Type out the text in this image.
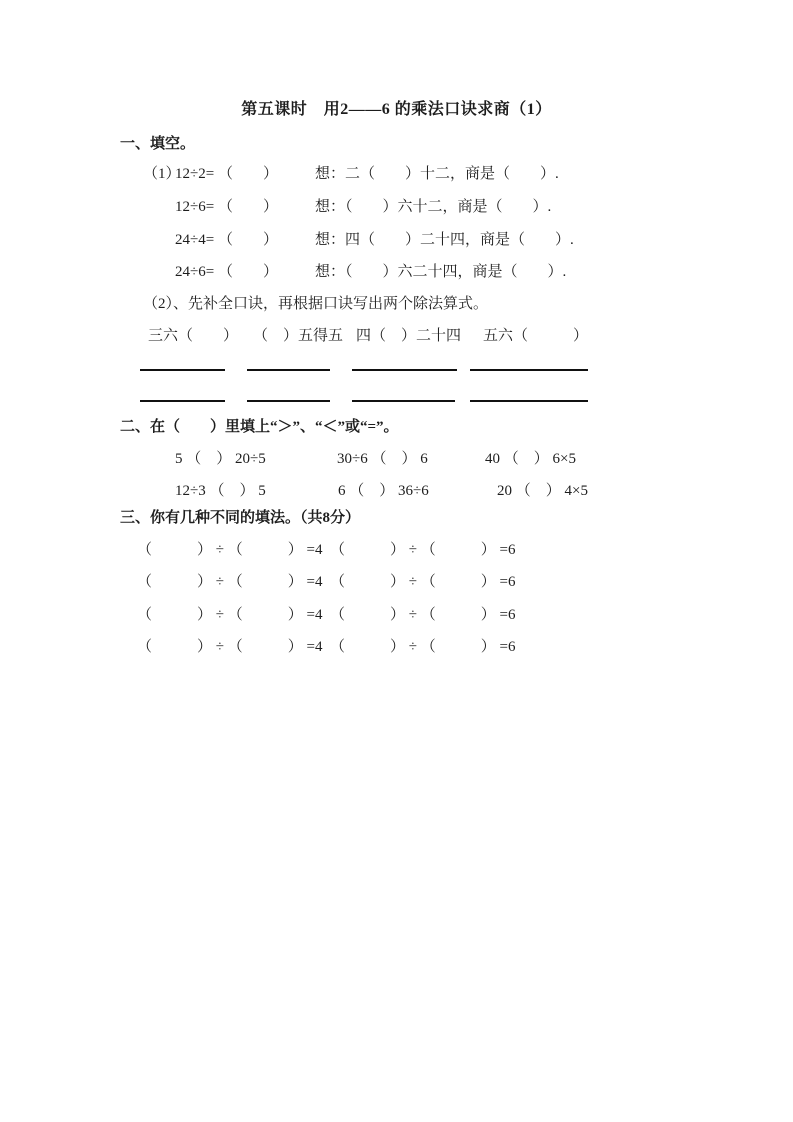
第五课时　用2——6 的乘法口诀求商（1）
一、填空。
（1）
12÷2= （　　）	想：二（　　）十二，商是（　　）.
12÷6= （　　）	想：（　　）六十二，商是（　　）.
24÷4= （　　）	想：四（　　）二十四，商是（　　）.
24÷6= （　　）	想：（　　）六二十四，商是（　　）.
（2）、先补全口诀，再根据口诀写出两个除法算式。
三六（　　） （　）五得五 四（　）二十四 五六（　　　）
二、在（　　）里填上“＞”、“＜”或“=”。
5 （　） 20÷5	30÷6 （　） 6	40 （　） 6×5
12÷3 （　） 5	6 （　） 36÷6	20 （　） 4×5
三、你有几种不同的填法。（共8分）
（　　　） ÷ （　　　） =4 （　　　） ÷ （　　　） =6
（　　　） ÷ （　　　） =4 （　　　） ÷ （　　　） =6
（　　　） ÷ （　　　） =4 （　　　） ÷ （　　　） =6
（　　　） ÷ （　　　） =4 （　　　） ÷ （　　　） =6
